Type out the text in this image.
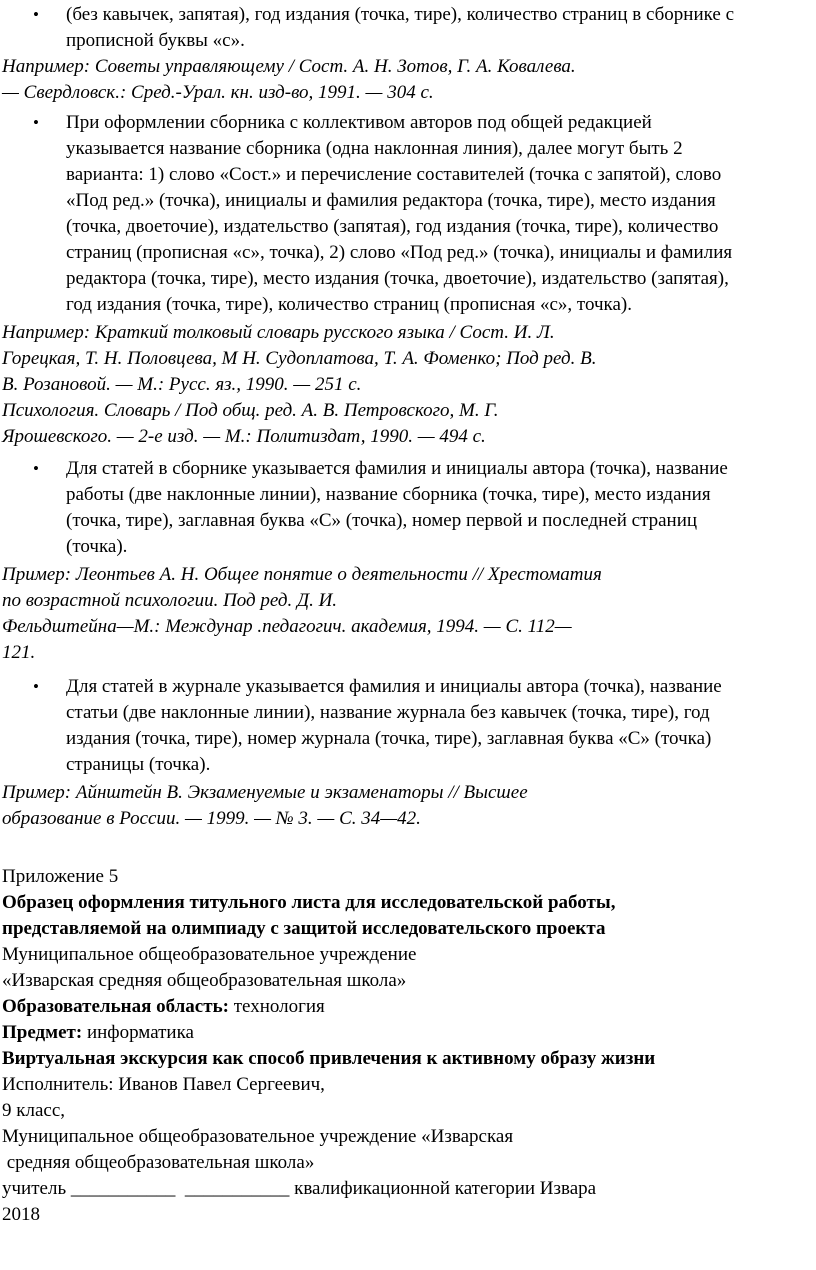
• (без кавычек, запятая), год издания (точка, тире), количество страниц в сборнике с
прописной буквы «с».
Например: Советы управляющему / Сост. А. Н. Зотов, Г. А. Ковалева.
— Свердловск.: Сред.-Урал. кн. изд-во, 1991. — 304 с.
• При оформлении сборника с коллективом авторов под общей редакцией
указывается название сборника (одна наклонная линия), далее могут быть 2
варианта: 1) слово «Сост.» и перечисление составителей (точка с запятой), слово
«Под ред.» (точка), инициалы и фамилия редактора (точка, тире), место издания
(точка, двоеточие), издательство (запятая), год издания (точка, тире), количество
страниц (прописная «с», точка), 2) слово «Под ред.» (точка), инициалы и фамилия
редактора (точка, тире), место издания (точка, двоеточие), издательство (запятая),
год издания (точка, тире), количество страниц (прописная «с», точка).
Например: Краткий толковый словарь русского языка / Сост. И. Л.
Горецкая, Т. Н. Половцева, М Н. Судоплатова, Т. А. Фоменко; Под ред. В.
В. Розановой. — М.: Русс. яз., 1990. — 251 с.
Психология. Словарь / Под общ. ред. А. В. Петровского, М. Г.
Ярошевского. — 2-е изд. — М.: Политиздат, 1990. — 494 с.
• Для статей в сборнике указывается фамилия и инициалы автора (точка), название
работы (две наклонные линии), название сборника (точка, тире), место издания
(точка, тире), заглавная буква «С» (точка), номер первой и последней страниц
(точка).
Пример: Леонтьев А. Н. Общее понятие о деятельности // Хрестоматия
по возрастной психологии. Под ред. Д. И.
Фельдштейна—М.: Междунар .педагогич. академия, 1994. — С. 112—
121.
• Для статей в журнале указывается фамилия и инициалы автора (точка), название
статьи (две наклонные линии), название журнала без кавычек (точка, тире), год
издания (точка, тире), номер журнала (точка, тире), заглавная буква «С» (точка)
страницы (точка).
Пример: Айнштейн В. Экзаменуемые и экзаменаторы // Высшее
образование в России. — 1999. — № 3. — С. 34—42.
Приложение 5
Образец оформления титульного листа для исследовательской работы,
представляемой на олимпиаду с защитой исследовательского проекта
Муниципальное общеобразовательное учреждение
«Изварская средняя общеобразовательная школа»
Образовательная область: технология
Предмет: информатика
Виртуальная экскурсия как способ привлечения к активному образу жизни
Исполнитель: Иванов Павел Сергеевич,
9 класс,
Муниципальное общеобразовательное учреждение «Изварская
средняя общеобразовательная школа»
учитель ___________  ___________ квалификационной категории Извара
2018
